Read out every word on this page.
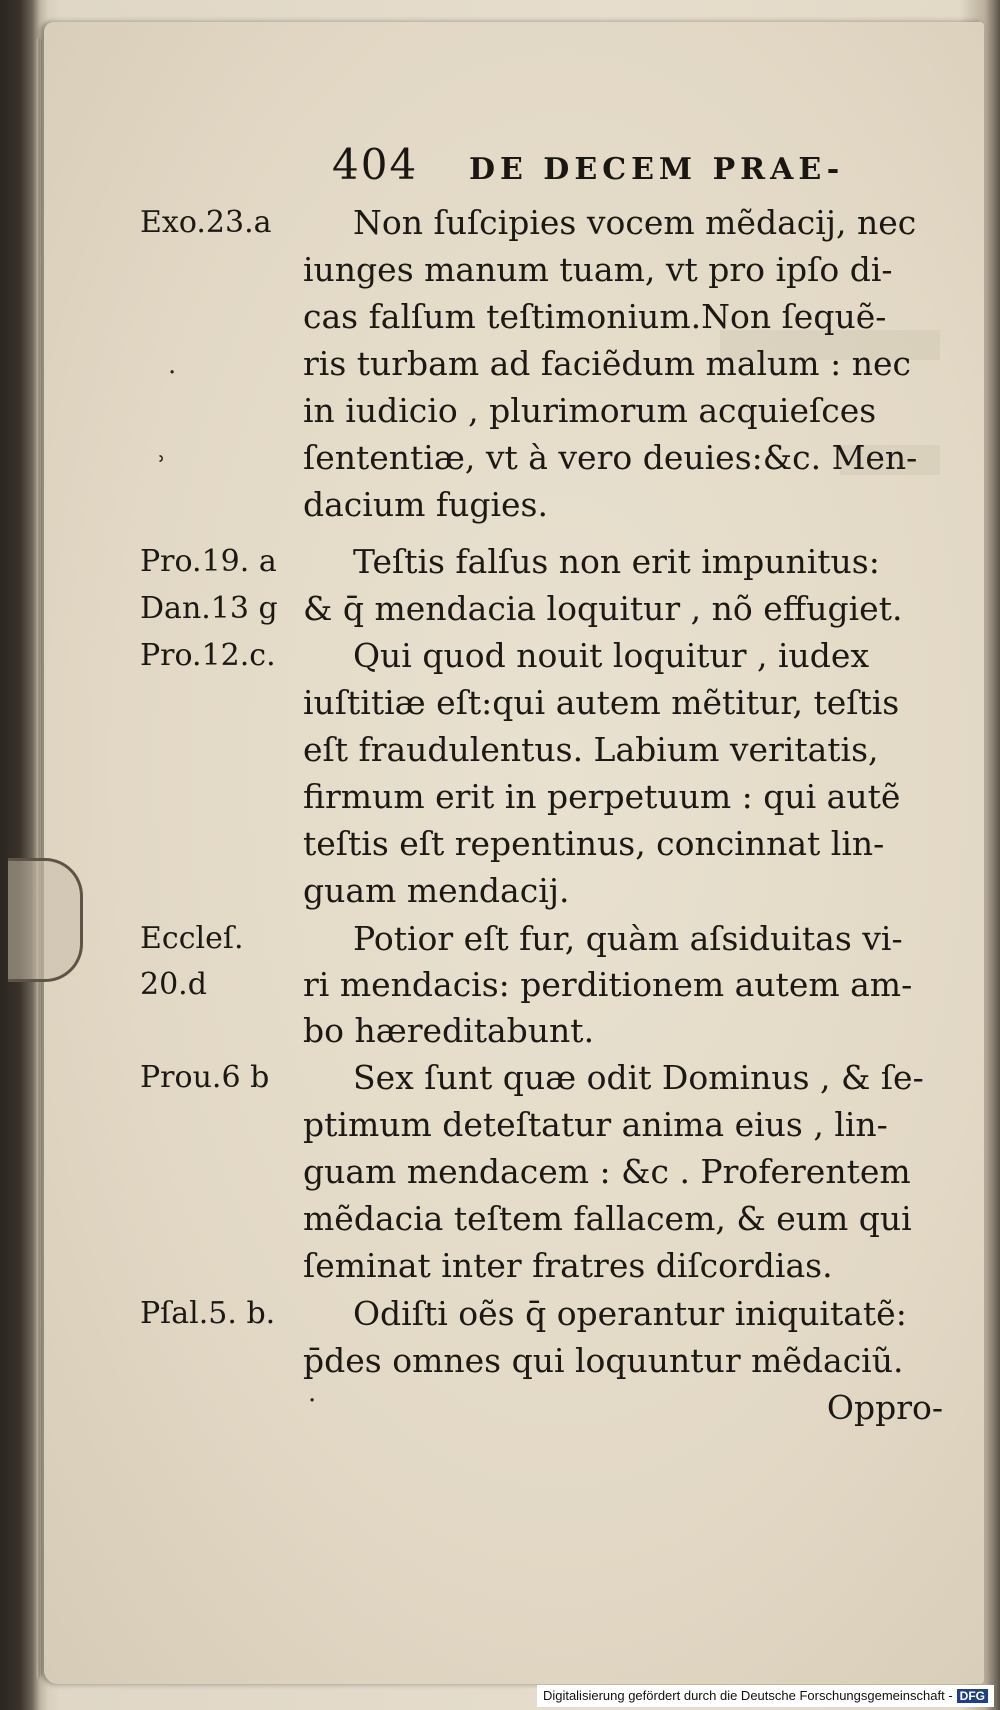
404 DE DECEM PRAE-
Exo.23.a
Pro.19. a
Dan.13 g
Pro.12.c.
Eccleſ.
20.d
Prou.6 b
Pſal.5. b.
·
ʾ
·
Non ſuſcipies vocem mẽdacij, nec
iunges manum tuam, vt pro ipſo di-
cas falſum teſtimonium.Non ſequẽ-
ris turbam ad faciẽdum malum : nec
in iudicio , plurimorum acquieſces
ſententiæ, vt à vero deuies:&c. Men-
dacium fugies.
Teſtis falſus non erit impunitus:
& q̄ mendacia loquitur , nõ effugiet.
Qui quod nouit loquitur , iudex
iuſtitiæ eſt:qui autem mẽtitur, teſtis
eſt fraudulentus. Labium veritatis,
firmum erit in perpetuum : qui autẽ
teſtis eſt repentinus, concinnat lin-
guam mendacij.
Potior eſt fur, quàm aſsiduitas vi-
ri mendacis: perditionem autem am-
bo hæreditabunt.
Sex ſunt quæ odit Dominus , & ſe-
ptimum deteſtatur anima eius , lin-
guam mendacem : &c . Proferentem
mẽdacia teſtem fallacem, & eum qui
ſeminat inter fratres diſcordias.
Odiſti oẽs q̄ operantur iniquitatẽ:
p̄des omnes qui loquuntur mẽdaciũ.
Oppro-
Digitalisierung gefördert durch die Deutsche Forschungsgemeinschaft - DFG
